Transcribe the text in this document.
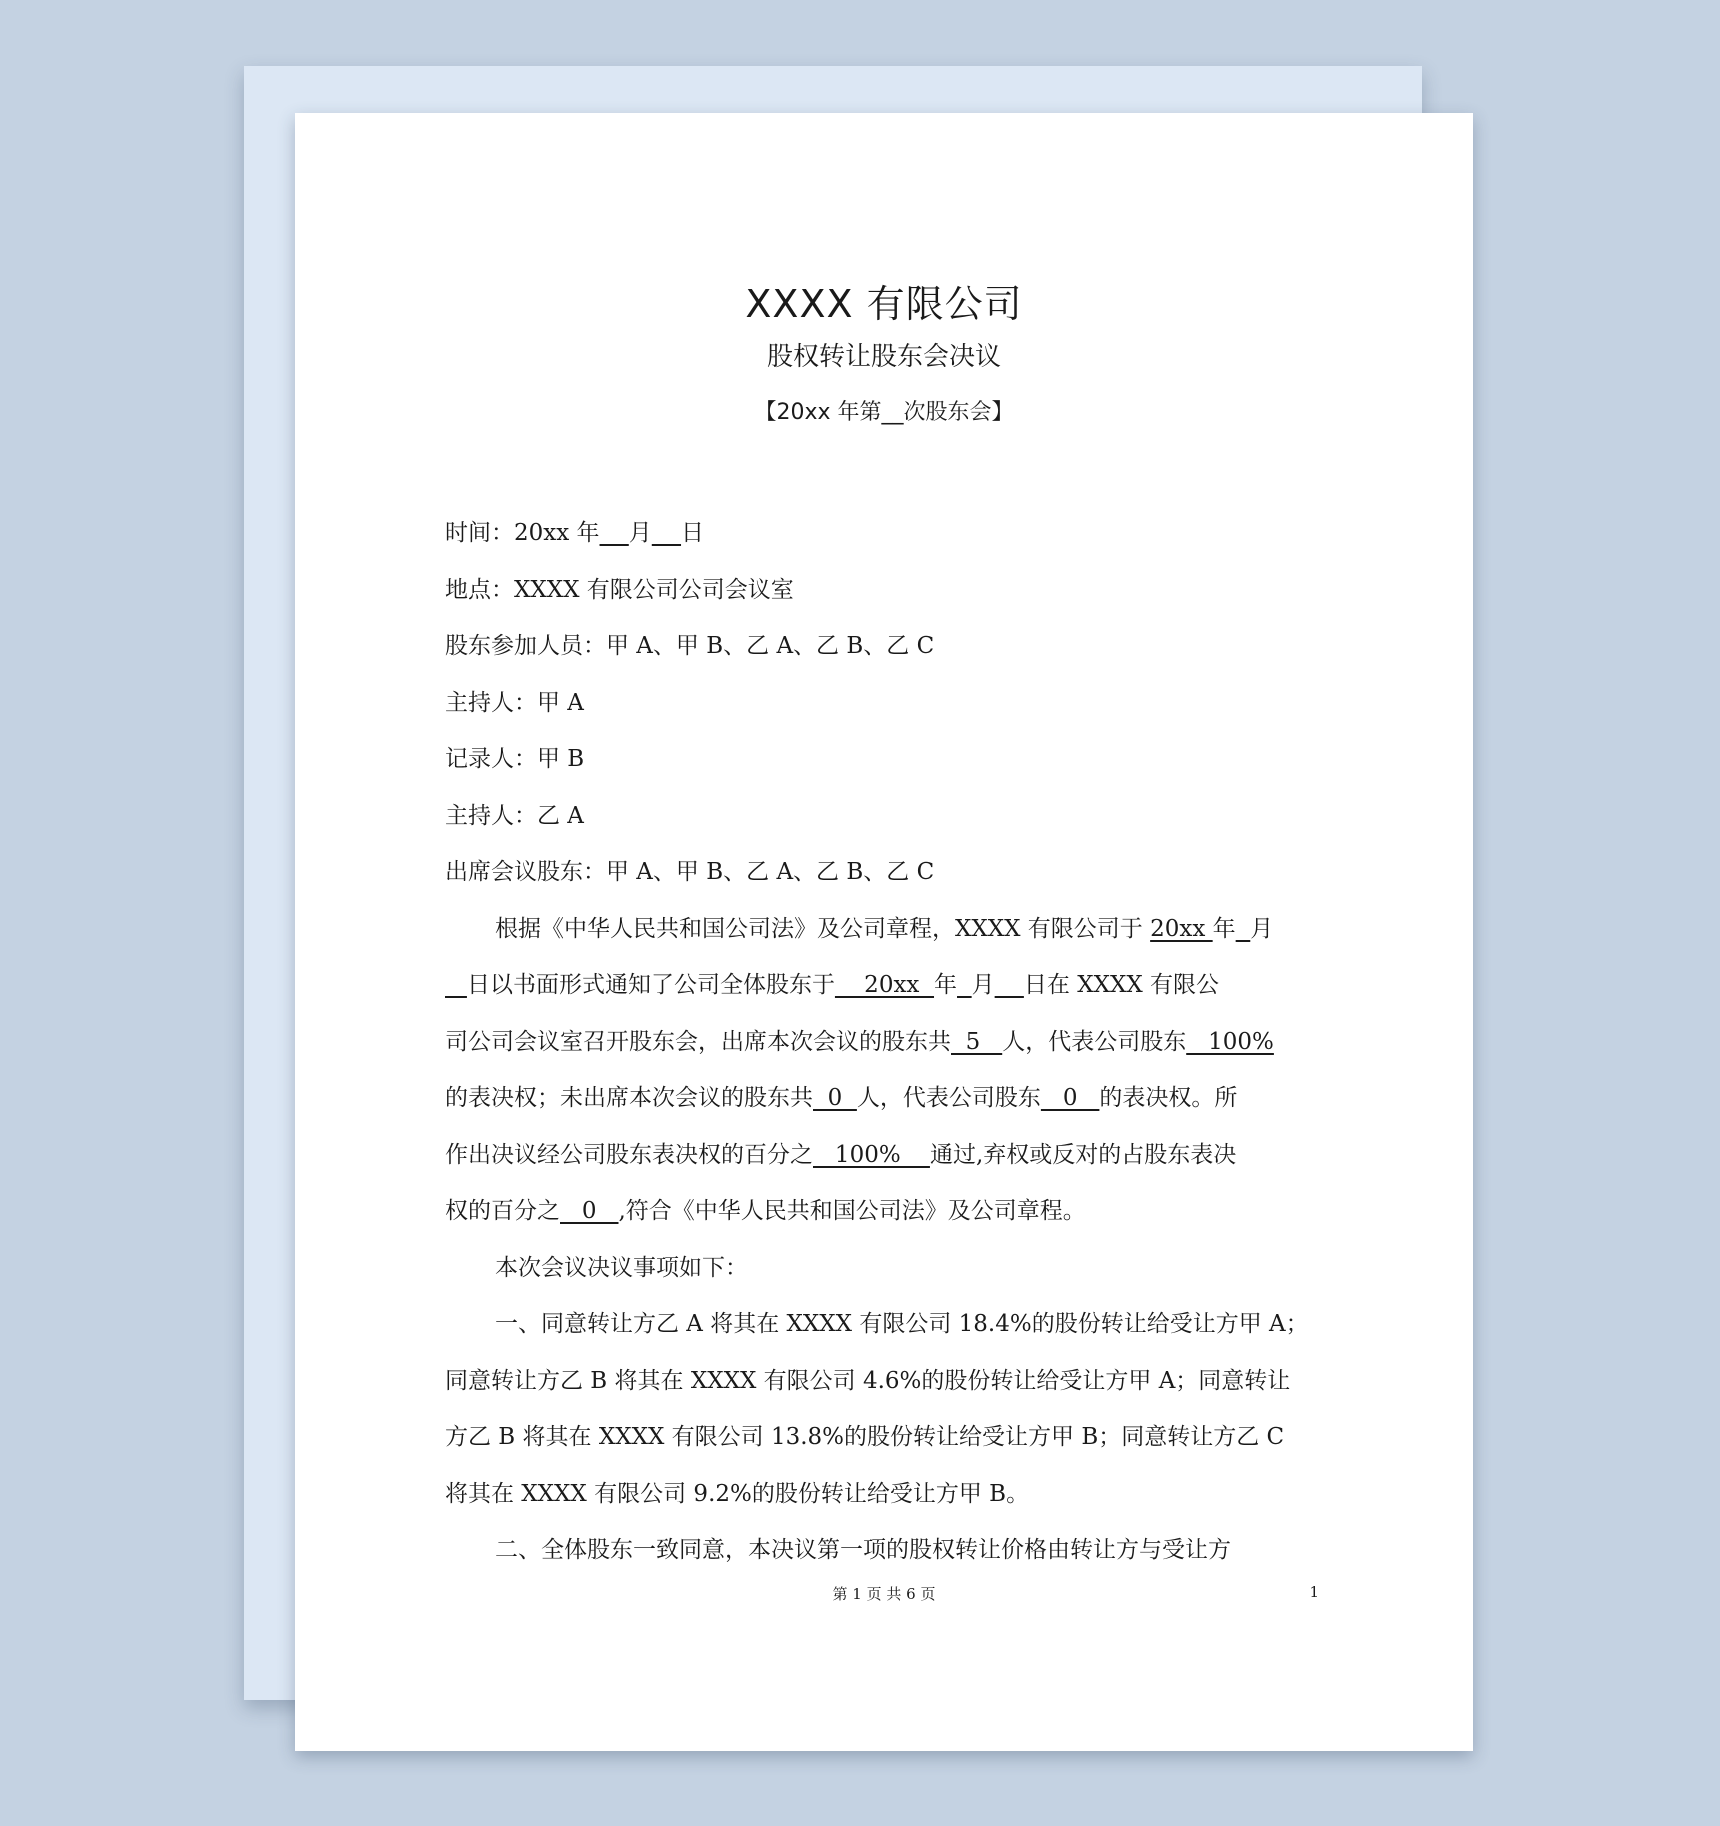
XXXX 有限公司
股权转让股东会决议
【20xx 年第__次股东会】
时间：20xx 年 月 日
地点：XXXX 有限公司公司会议室
股东参加人员：甲 A、甲 B、乙 A、乙 B、乙 C
主持人：甲 A
记录人：甲 B
主持人：乙 A
出席会议股东：甲 A、甲 B、乙 A、乙 B、乙 C
根据《中华人民共和国公司法》及公司章程，XXXX 有限公司于 20xx 年 月
日以书面形式通知了公司全体股东于    20xx  年 月 日在 XXXX 有限公
司公司会议室召开股东会，出席本次会议的股东共  5   人，代表公司股东   100%
的表决权；未出席本次会议的股东共  0  人，代表公司股东   0   的表决权。所
作出决议经公司股东表决权的百分之   100%    通过,弃权或反对的占股东表决
权的百分之   0   ,符合《中华人民共和国公司法》及公司章程。
本次会议决议事项如下：
一、同意转让方乙 A 将其在 XXXX 有限公司 18.4%的股份转让给受让方甲 A；
同意转让方乙 B 将其在 XXXX 有限公司 4.6%的股份转让给受让方甲 A；同意转让
方乙 B 将其在 XXXX 有限公司 13.8%的股份转让给受让方甲 B；同意转让方乙 C
将其在 XXXX 有限公司 9.2%的股份转让给受让方甲 B。
二、全体股东一致同意，本决议第一项的股权转让价格由转让方与受让方
第 1 页 共 6 页	1
